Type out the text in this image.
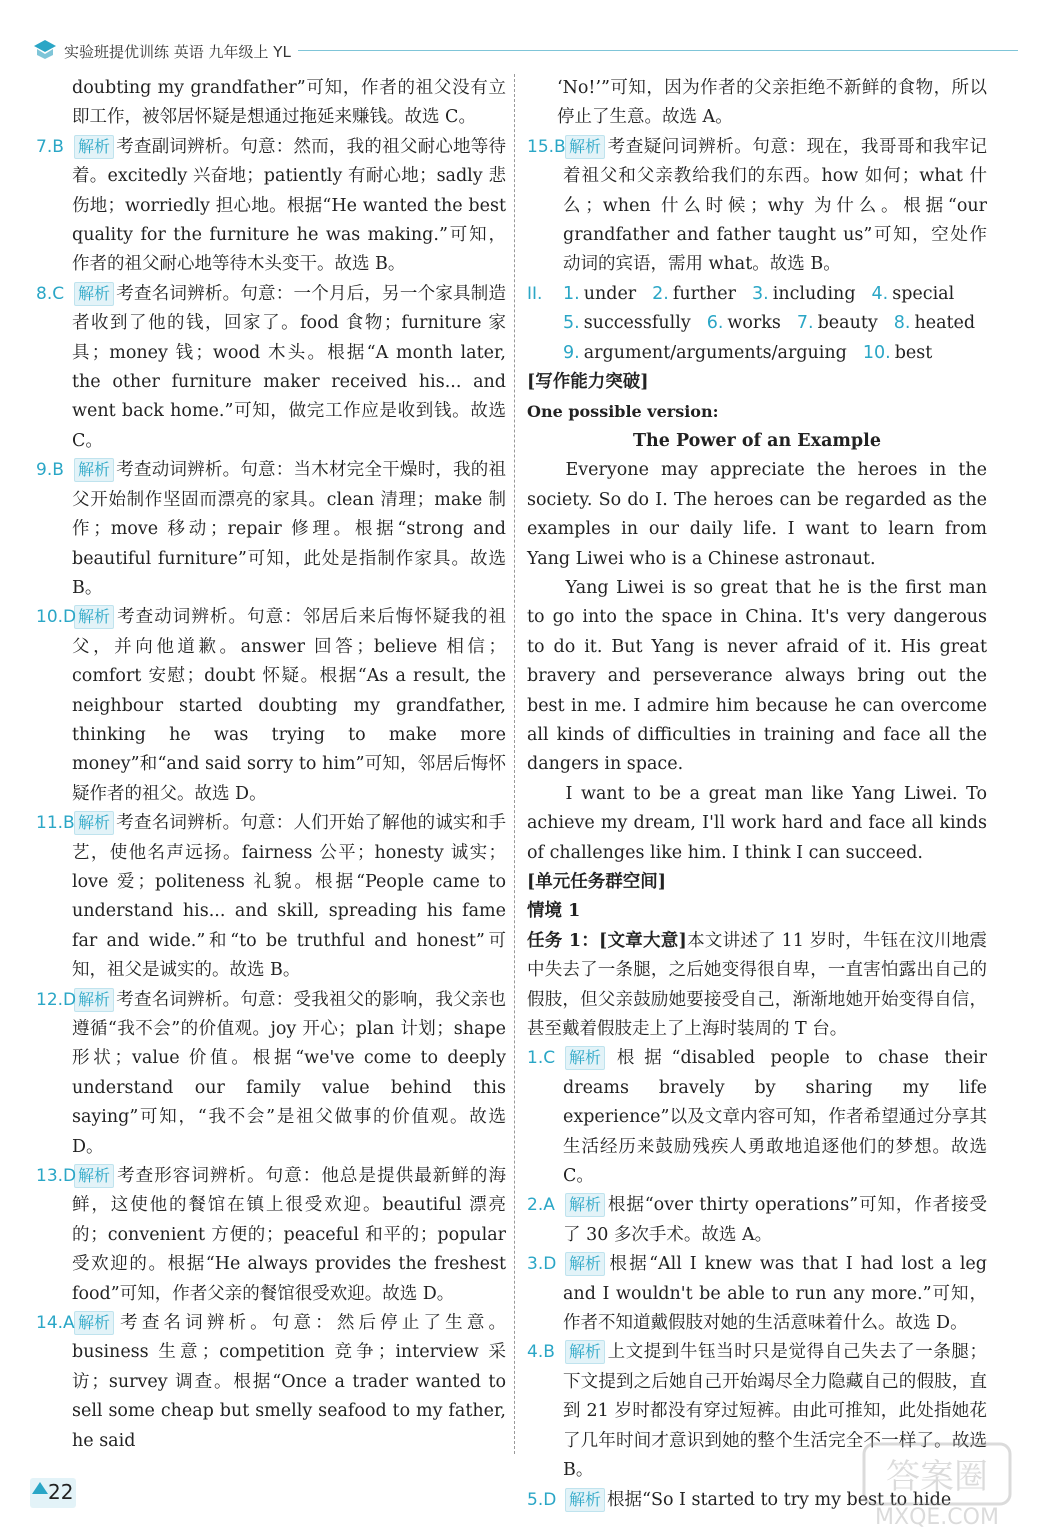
实验班提优训练 英语 九年级上 YL

doubting my grandfather”可知，作者的祖父没有立即工作，被邻居怀疑是想通过拖延来赚钱。故选 C。

7.B 解析 考查副词辨析。句意：然而，我的祖父耐心地等待着。excitedly 兴奋地；patiently 有耐心地；sadly 悲伤地；worriedly 担心地。根据“He wanted the best quality for the furniture he was making.”可知，作者的祖父耐心地等待木头变干。故选 B。
8.C 解析 考查名词辨析。句意：一个月后，另一个家具制造者收到了他的钱，回家了。food 食物；furniture 家具；money 钱；wood 木头。根据“A month later, the other furniture maker received his... and went back home.”可知，做完工作应是收到钱。故选 C。
9.B 解析 考查动词辨析。句意：当木材完全干燥时，我的祖父开始制作坚固而漂亮的家具。clean 清理；make 制作；move 移动；repair 修理。根据“strong and beautiful furniture”可知，此处是指制作家具。故选 B。
10.D 解析 考查动词辨析。句意：邻居后来后悔怀疑我的祖父，并向他道歉。answer 回答；believe 相信；comfort 安慰；doubt 怀疑。根据“As a result, the neighbour started doubting my grandfather, thinking he was trying to make more money”和“and said sorry to him”可知，邻居后悔怀疑作者的祖父。故选 D。
11.B 解析 考查名词辨析。句意：人们开始了解他的诚实和手艺，使他名声远扬。fairness 公平；honesty 诚实；love 爱；politeness 礼貌。根据“People came to understand his... and skill, spreading his fame far and wide.”和“to be truthful and honest”可知，祖父是诚实的。故选 B。
12.D 解析 考查名词辨析。句意：受我祖父的影响，我父亲也遵循“我不会”的价值观。joy 开心；plan 计划；shape 形状；value 价值。根据“we've come to deeply understand our family value behind this saying”可知，“我不会”是祖父做事的价值观。故选 D。
13.D 解析 考查形容词辨析。句意：他总是提供最新鲜的海鲜，这使他的餐馆在镇上很受欢迎。beautiful 漂亮的；convenient 方便的；peaceful 和平的；popular 受欢迎的。根据“He always provides the freshest food”可知，作者父亲的餐馆很受欢迎。故选 D。
14.A 解析 考查名词辨析。句意：然后停止了生意。business 生意；competition 竞争；interview 采访；survey 调查。根据“Once a trader wanted to sell some cheap but smelly seafood to my father, he said

‘No!’”可知，因为作者的父亲拒绝不新鲜的食物，所以停止了生意。故选 A。

15.B 解析 考查疑问词辨析。句意：现在，我哥哥和我牢记着祖父和父亲教给我们的东西。how 如何；what 什么；when 什么时候；why 为什么。根据“our grandfather and father taught us”可知，空处作动词的宾语，需用 what。故选 B。
II. 1. under 2. further 3. including 4. special
5. successfully 6. works 7. beauty 8. heated
9. argument/arguments/arguing 10. best

[写作能力突破]

One possible version:

The Power of an Example

Everyone may appreciate the heroes in the society. So do I. The heroes can be regarded as the examples in our daily life. I want to learn from Yang Liwei who is a Chinese astronaut.

Yang Liwei is so great that he is the first man to go into the space in China. It's very dangerous to do it. But Yang is never afraid of it. His great bravery and perseverance always bring out the best in me. I admire him because he can overcome all kinds of difficulties in training and face all the dangers in space.

I want to be a great man like Yang Liwei. To achieve my dream, I'll work hard and face all kinds of challenges like him. I think I can succeed.

[单元任务群空间]

情境 1

任务 1：[文章大意]本文讲述了 11 岁时，牛钰在汶川地震中失去了一条腿，之后她变得很自卑，一直害怕露出自己的假肢，但父亲鼓励她要接受自己，渐渐地她开始变得自信，甚至戴着假肢走上了上海时装周的 T 台。

1.C 解析 根据“disabled people to chase their dreams bravely by sharing my life experience”以及文章内容可知，作者希望通过分享其生活经历来鼓励残疾人勇敢地追逐他们的梦想。故选 C。
2.A 解析 根据“over thirty operations”可知，作者接受了 30 多次手术。故选 A。
3.D 解析 根据“All I knew was that I had lost a leg and I wouldn't be able to run any more.”可知，作者不知道戴假肢对她的生活意味着什么。故选 D。
4.B 解析 上文提到牛钰当时只是觉得自己失去了一条腿；下文提到之后她自己开始竭尽全力隐藏自己的假肢，直到 21 岁时都没有穿过短裤。由此可推知，此处指她花了几年时间才意识到她的整个生活完全不一样了。故选 B。
5.D 解析 根据“So I started to try my best to hide
22	答案圈
MXQE.COM
